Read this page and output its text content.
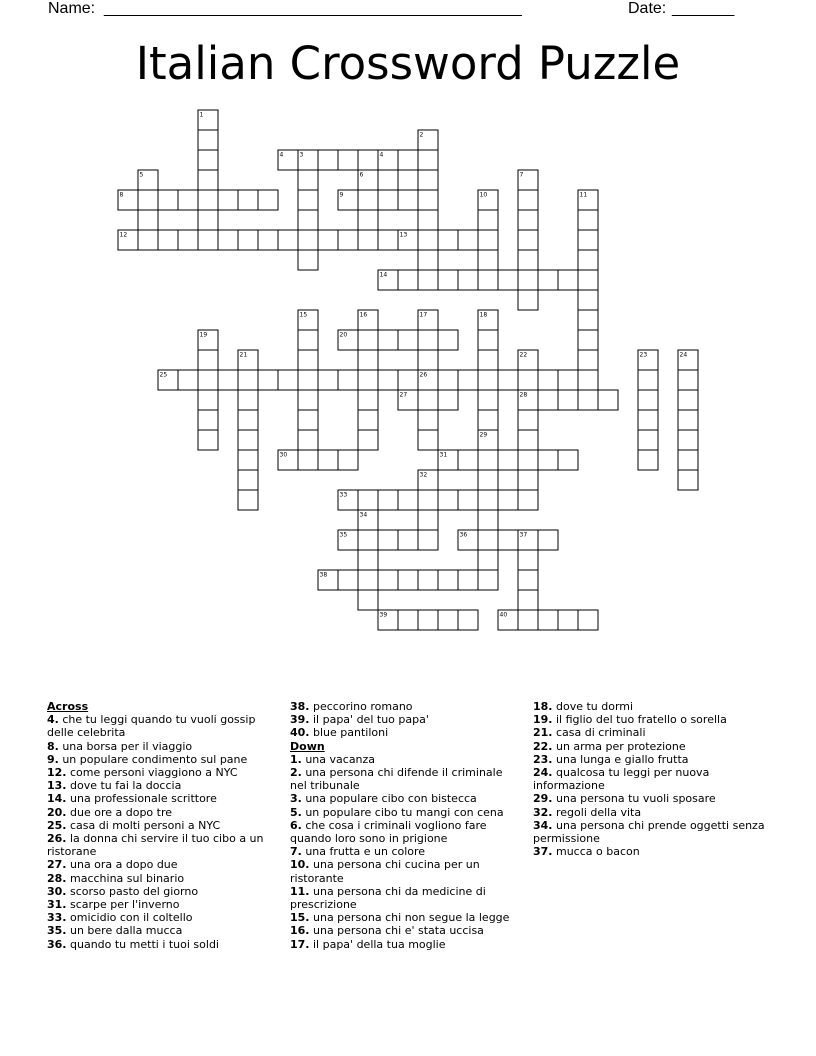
Name:

________________________________________________

	Date:

_______

Italian Crossword Puzzle
4
8	9
12	13
14
20
25	26
27	28
30	31
33
35	36
38
39	40
1
2
3	4
5	6	7
10	11
15	16	17	18
19
21	22	23	24
29
32
34
37
Across
4. che tu leggi quando tu vuoli gossip delle celebrita
8. una borsa per il viaggio
9. un populare condimento sul pane
12. come personi viaggiono a NYC
13. dove tu fai la doccia
14. una professionale scrittore
20. due ore a dopo tre
25. casa di molti personi a NYC
26. la donna chi servire il tuo cibo a un ristorane
27. una ora a dopo due
28. macchina sul binario
30. scorso pasto del giorno
31. scarpe per l'inverno
33. omicidio con il coltello
35. un bere dalla mucca
36. quando tu metti i tuoi soldi
38. peccorino romano
39. il papa' del tuo papa'
40. blue pantiloni
Down
1. una vacanza
2. una persona chi difende il criminale nel tribunale
3. una populare cibo con bistecca
5. un populare cibo tu mangi con cena
6. che cosa i criminali vogliono fare quando loro sono in prigione
7. una frutta e un colore
10. una persona chi cucina per un ristorante
11. una persona chi da medicine di prescrizione
15. una persona chi non segue la legge
16. una persona chi e' stata uccisa
17. il papa' della tua moglie
18. dove tu dormi
19. il figlio del tuo fratello o sorella
21. casa di criminali
22. un arma per protezione
23. una lunga e giallo frutta
24. qualcosa tu leggi per nuova informazione
29. una persona tu vuoli sposare
32. regoli della vita
34. una persona chi prende oggetti senza permissione
37. mucca o bacon
